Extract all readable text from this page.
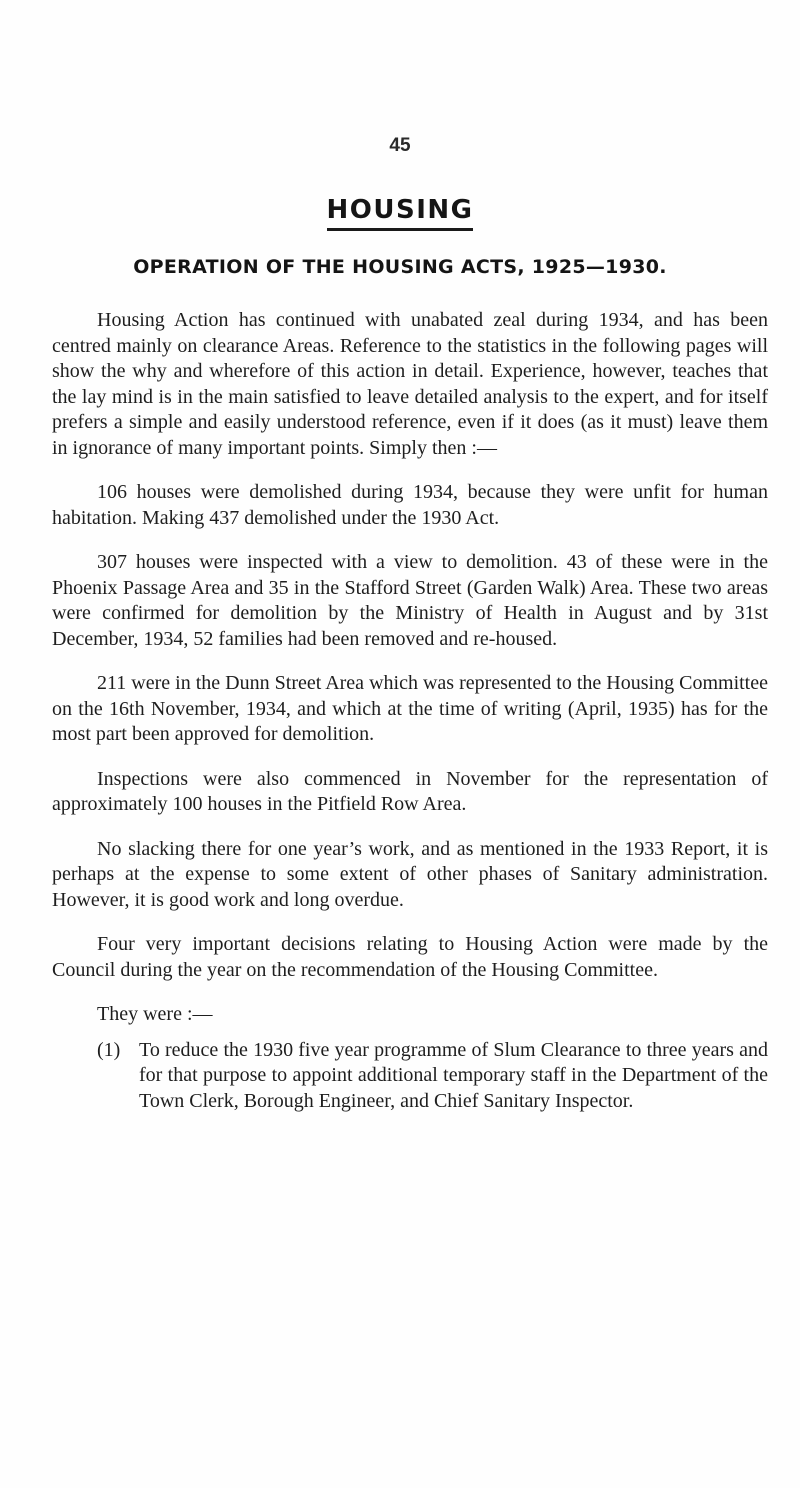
45
HOUSING
OPERATION OF THE HOUSING ACTS, 1925—1930.

Housing Action has continued with unabated zeal during 1934, and has been centred mainly on clearance Areas. Reference to the statistics in the following pages will show the why and wherefore of this action in detail. Experience, however, teaches that the lay mind is in the main satisfied to leave detailed analysis to the expert, and for itself prefers a simple and easily understood reference, even if it does (as it must) leave them in ignorance of many important points. Simply then :—

106 houses were demolished during 1934, because they were unfit for human habitation. Making 437 demolished under the 1930 Act.

307 houses were inspected with a view to demolition. 43 of these were in the Phoenix Passage Area and 35 in the Stafford Street (Garden Walk) Area. These two areas were confirmed for demolition by the Ministry of Health in August and by 31st December, 1934, 52 families had been removed and re-housed.

211 were in the Dunn Street Area which was represented to the Housing Committee on the 16th November, 1934, and which at the time of writing (April, 1935) has for the most part been approved for demolition.

Inspections were also commenced in November for the representation of approximately 100 houses in the Pitfield Row Area.

No slacking there for one year’s work, and as mentioned in the 1933 Report, it is perhaps at the expense to some extent of other phases of Sanitary administration. However, it is good work and long overdue.

Four very important decisions relating to Housing Action were made by the Council during the year on the recommendation of the Housing Committee.

They were :—

(1) To reduce the 1930 five year programme of Slum Clearance to three years and for that purpose to appoint additional temporary staff in the Department of the Town Clerk, Borough Engineer, and Chief Sanitary Inspector.
